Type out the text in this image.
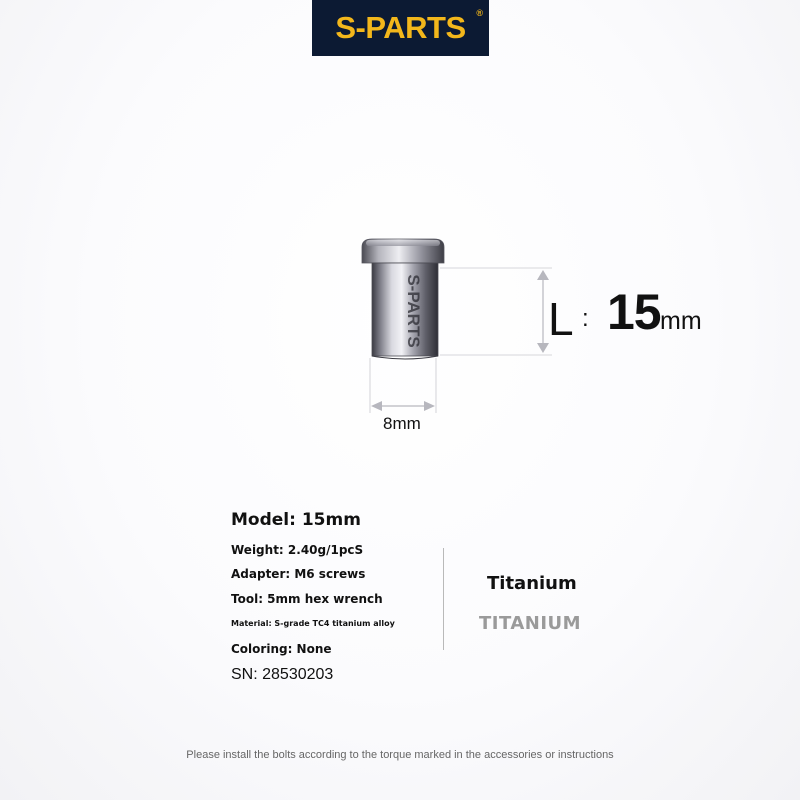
S-PARTS ®
S-PARTS	L : 15 mm
8mm
Model: 15mm
Weight: 2.40g/1pcS
Adapter: M6 screws
Tool: 5mm hex wrench
Material: S-grade TC4 titanium alloy
Coloring: None
SN: 28530203
Titanium
TITANIUM
Please install the bolts according to the torque marked in the accessories or instructions
